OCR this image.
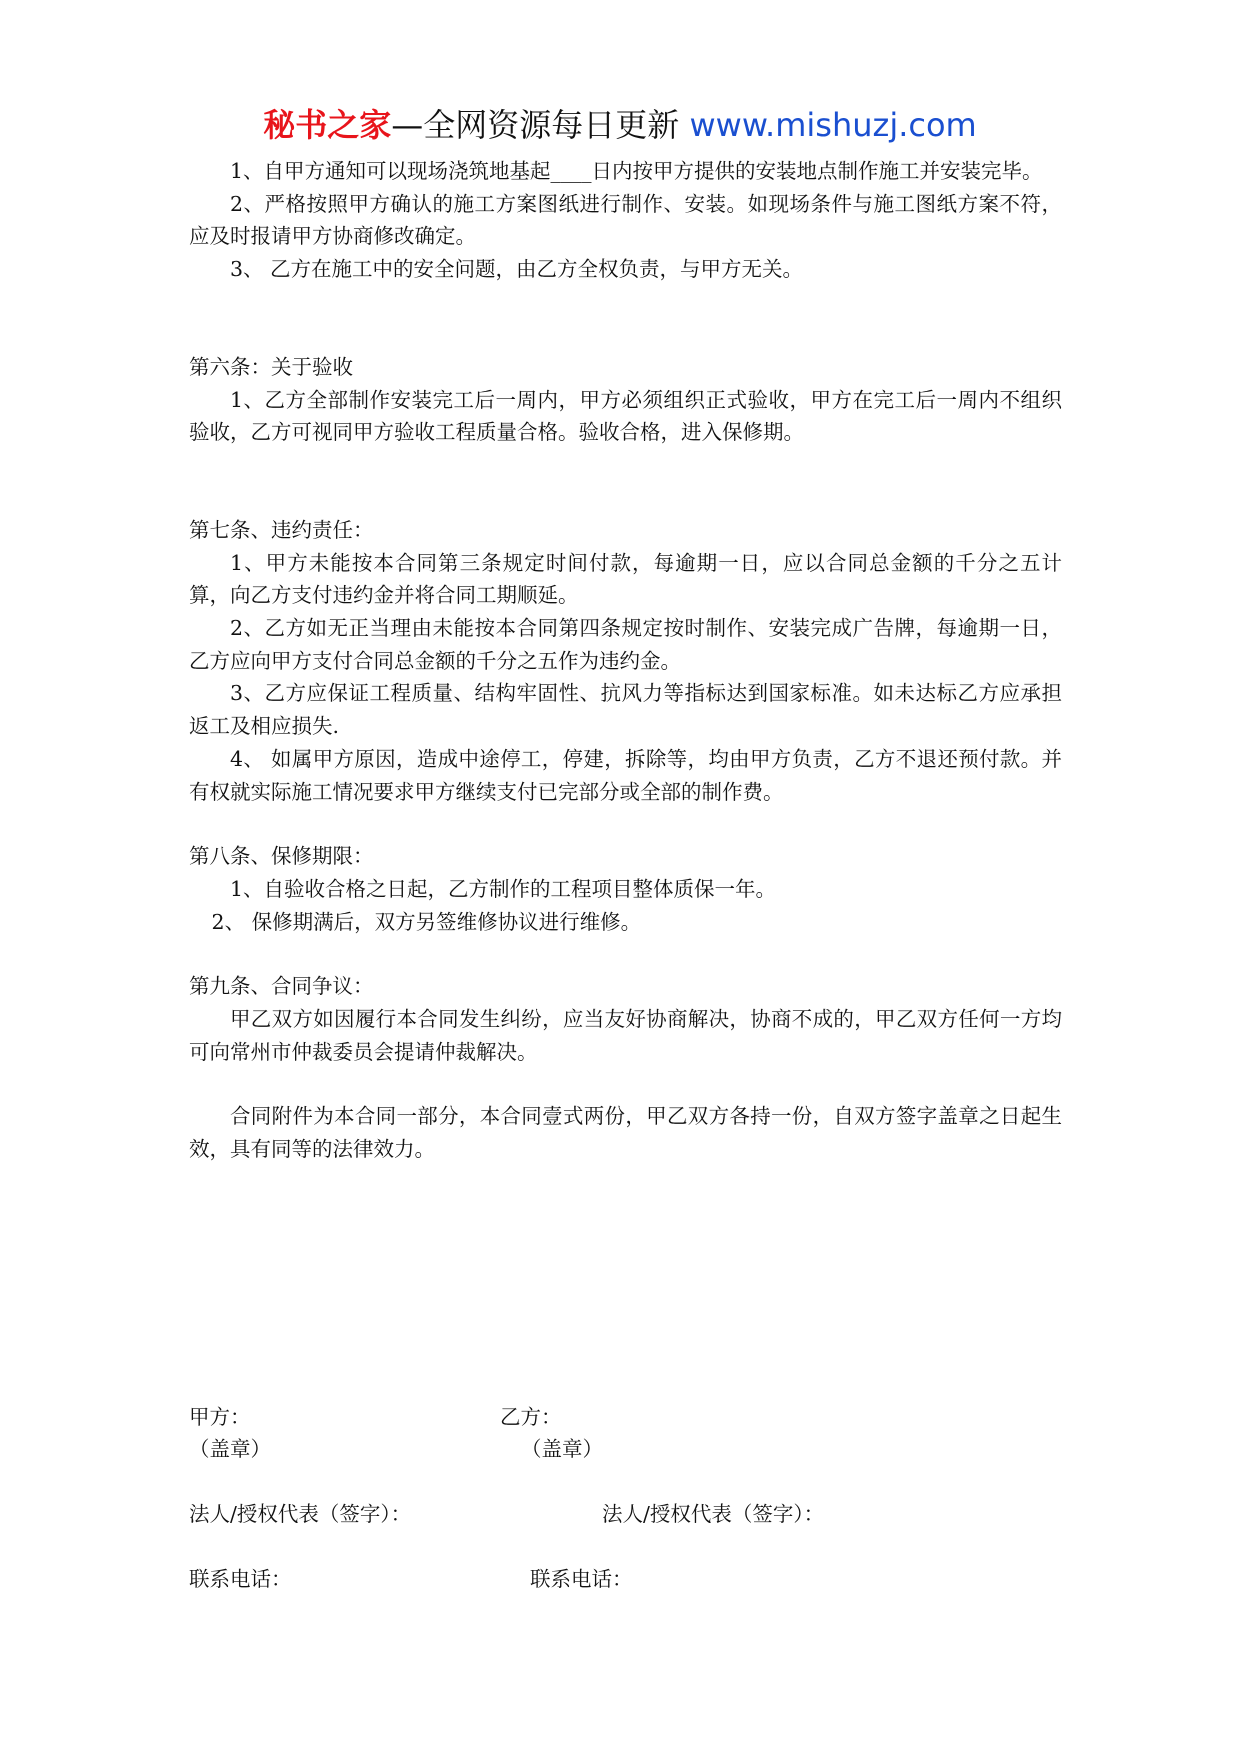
秘书之家—全网资源每日更新 www.mishuzj.com

1、自甲方通知可以现场浇筑地基起____日内按甲方提供的安装地点制作施工并安装完毕。

2、严格按照甲方确认的施工方案图纸进行制作、安装。如现场条件与施工图纸方案不符，应及时报请甲方协商修改确定。

3、 乙方在施工中的安全问题，由乙方全权负责，与甲方无关。

第六条：关于验收

1、乙方全部制作安装完工后一周内，甲方必须组织正式验收，甲方在完工后一周内不组织验收，乙方可视同甲方验收工程质量合格。验收合格，进入保修期。

第七条、违约责任：

1、甲方未能按本合同第三条规定时间付款，每逾期一日，应以合同总金额的千分之五计算，向乙方支付违约金并将合同工期顺延。

2、乙方如无正当理由未能按本合同第四条规定按时制作、安装完成广告牌，每逾期一日，乙方应向甲方支付合同总金额的千分之五作为违约金。

3、乙方应保证工程质量、结构牢固性、抗风力等指标达到国家标准。如未达标乙方应承担返工及相应损失.

4、 如属甲方原因，造成中途停工，停建，拆除等，均由甲方负责，乙方不退还预付款。并有权就实际施工情况要求甲方继续支付已完部分或全部的制作费。

第八条、保修期限：

1、自验收合格之日起，乙方制作的工程项目整体质保一年。

2、 保修期满后，双方另签维修协议进行维修。

第九条、合同争议：

甲乙双方如因履行本合同发生纠纷，应当友好协商解决，协商不成的，甲乙双方任何一方均可向常州市仲裁委员会提请仲裁解决。

合同附件为本合同一部分，本合同壹式两份，甲乙双方各持一份，自双方签字盖章之日起生效，具有同等的法律效力。

甲方：	乙方：
（盖章）	（盖章）
法人/授权代表（签字）：	法人/授权代表（签字）：
联系电话：	联系电话：
